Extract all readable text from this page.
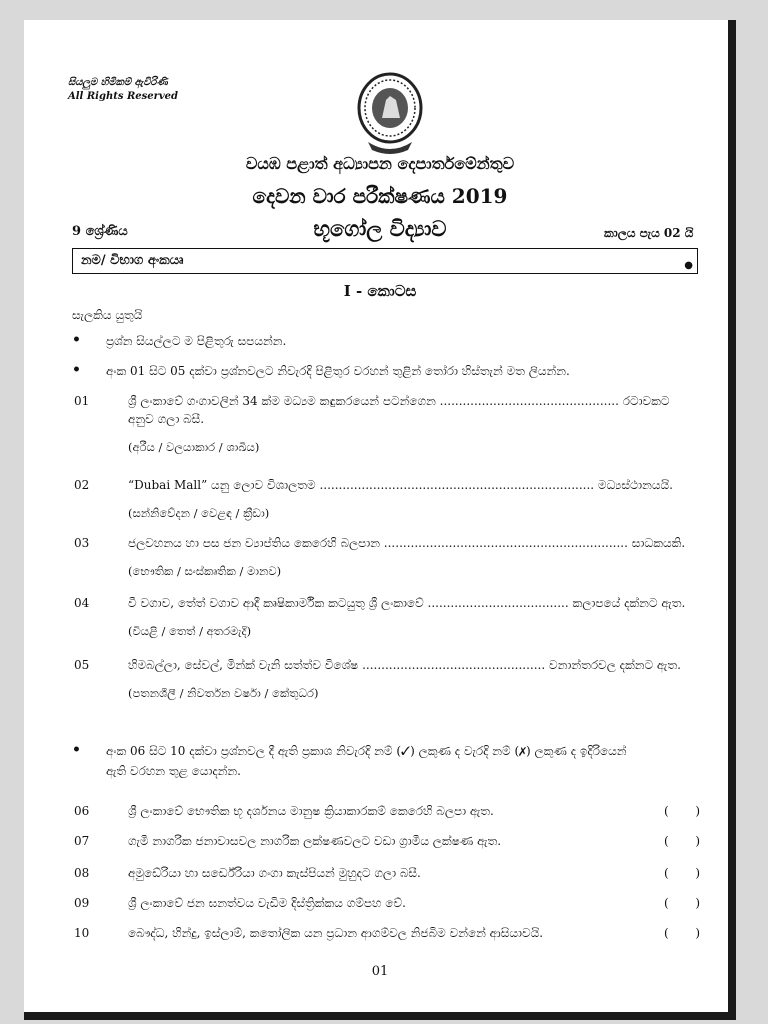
සියලුම හිමිකම් ඇවිරිණි
All Rights Reserved
වයඹ පළාත් අධ්‍යාපන දෙපාර්තමේන්තුව
දෙවන වාර පරීක්ෂණය 2019
9 ශ්‍රේණිය	භූගෝල විද්‍යාව	කාලය පැය 02 යි
නම/ විභාග අංකයෘ	●
I - කොටස
සැලකිය යුතුයි
• ප්‍රශ්න සියල්ලට ම පිළිතුරු සපයන්න.
• අංක 01 සිට 05 දක්වා ප්‍රශ්නවලට නිවැරදි පිළිතුර වරහන් තුළින් තෝරා හිස්තැන් මත ලියන්න.
01	ශ්‍රී ලංකාවේ ගංගාවලින් 34 ක්ම මධ්‍යම කඳුකරයෙන් පටන්ගෙන ............................................... රටාවකට
අනුව ගලා බසී.
(අරීය / වලයාකාර / ශාඛීය)
02	“Dubai Mall” යනු ලොව විශාලතම ........................................................................ මධ්‍යස්ථානයයි.
(සන්නිවේදන / වෙළඳ / ක්‍රීඩා)
03	ජලවහනය හා පස ජන ව්‍යාප්තිය කෙරෙහි බලපාන ................................................................ සාධකයකි.
(භෞතික / සංස්කෘතික / මානව)
04	වී වගාව, තේත් වගාව ආදී කෘෂිකාර්මික කටයුතු ශ්‍රී ලංකාවේ ..................................... කලාපයේ දක්නට ඇත.
(වියළි / තෙත් / අතරමැදි)
05	හිමබල්ලා, සේවල්, මින්ක් වැනි සත්ත්ව විශේෂ ................................................ වනාන්තරවල දක්නට ඇත.
(පතනශීලී / නිවර්තන වර්ෂා / කේතුධර)
• අංක 06 සිට 10 දක්වා ප්‍රශ්නවල දී ඇති ප්‍රකාශ නිවැරදි නම් (✓) ලකුණ ද වැරදි නම් (✗) ලකුණ ද ඉදිරියෙන්
ඇති වරහන තුළ යොදන්න.
06	ශ්‍රී ලංකාවේ භෞතික භූ දර්ශනය මානුෂ ක්‍රියාකාරකම් කෙරෙහි බලපා ඇත.	(       )
07	ගැමී නාගරික ජනාවාසවල නාගරික ලක්ෂණවලට වඩා ග්‍රාමීය ලක්ෂණ ඇත.	(       )
08	අමුඩේරියා හා සර්ඩේරියා ගංගා කැස්පියන් මුහුදට ගලා බසී.	(       )
09	ශ්‍රී ලංකාවේ ජන ඝනත්වය වැඩිම දිස්ත්‍රික්කය ගම්පහ වේ.	(       )
10	බෞද්ධ, හින්දු, ඉස්ලාම්, කතෝලික යන ප්‍රධාන ආගම්වල නිජබිම වන්නේ ආසියාවයි.	(       )
01
